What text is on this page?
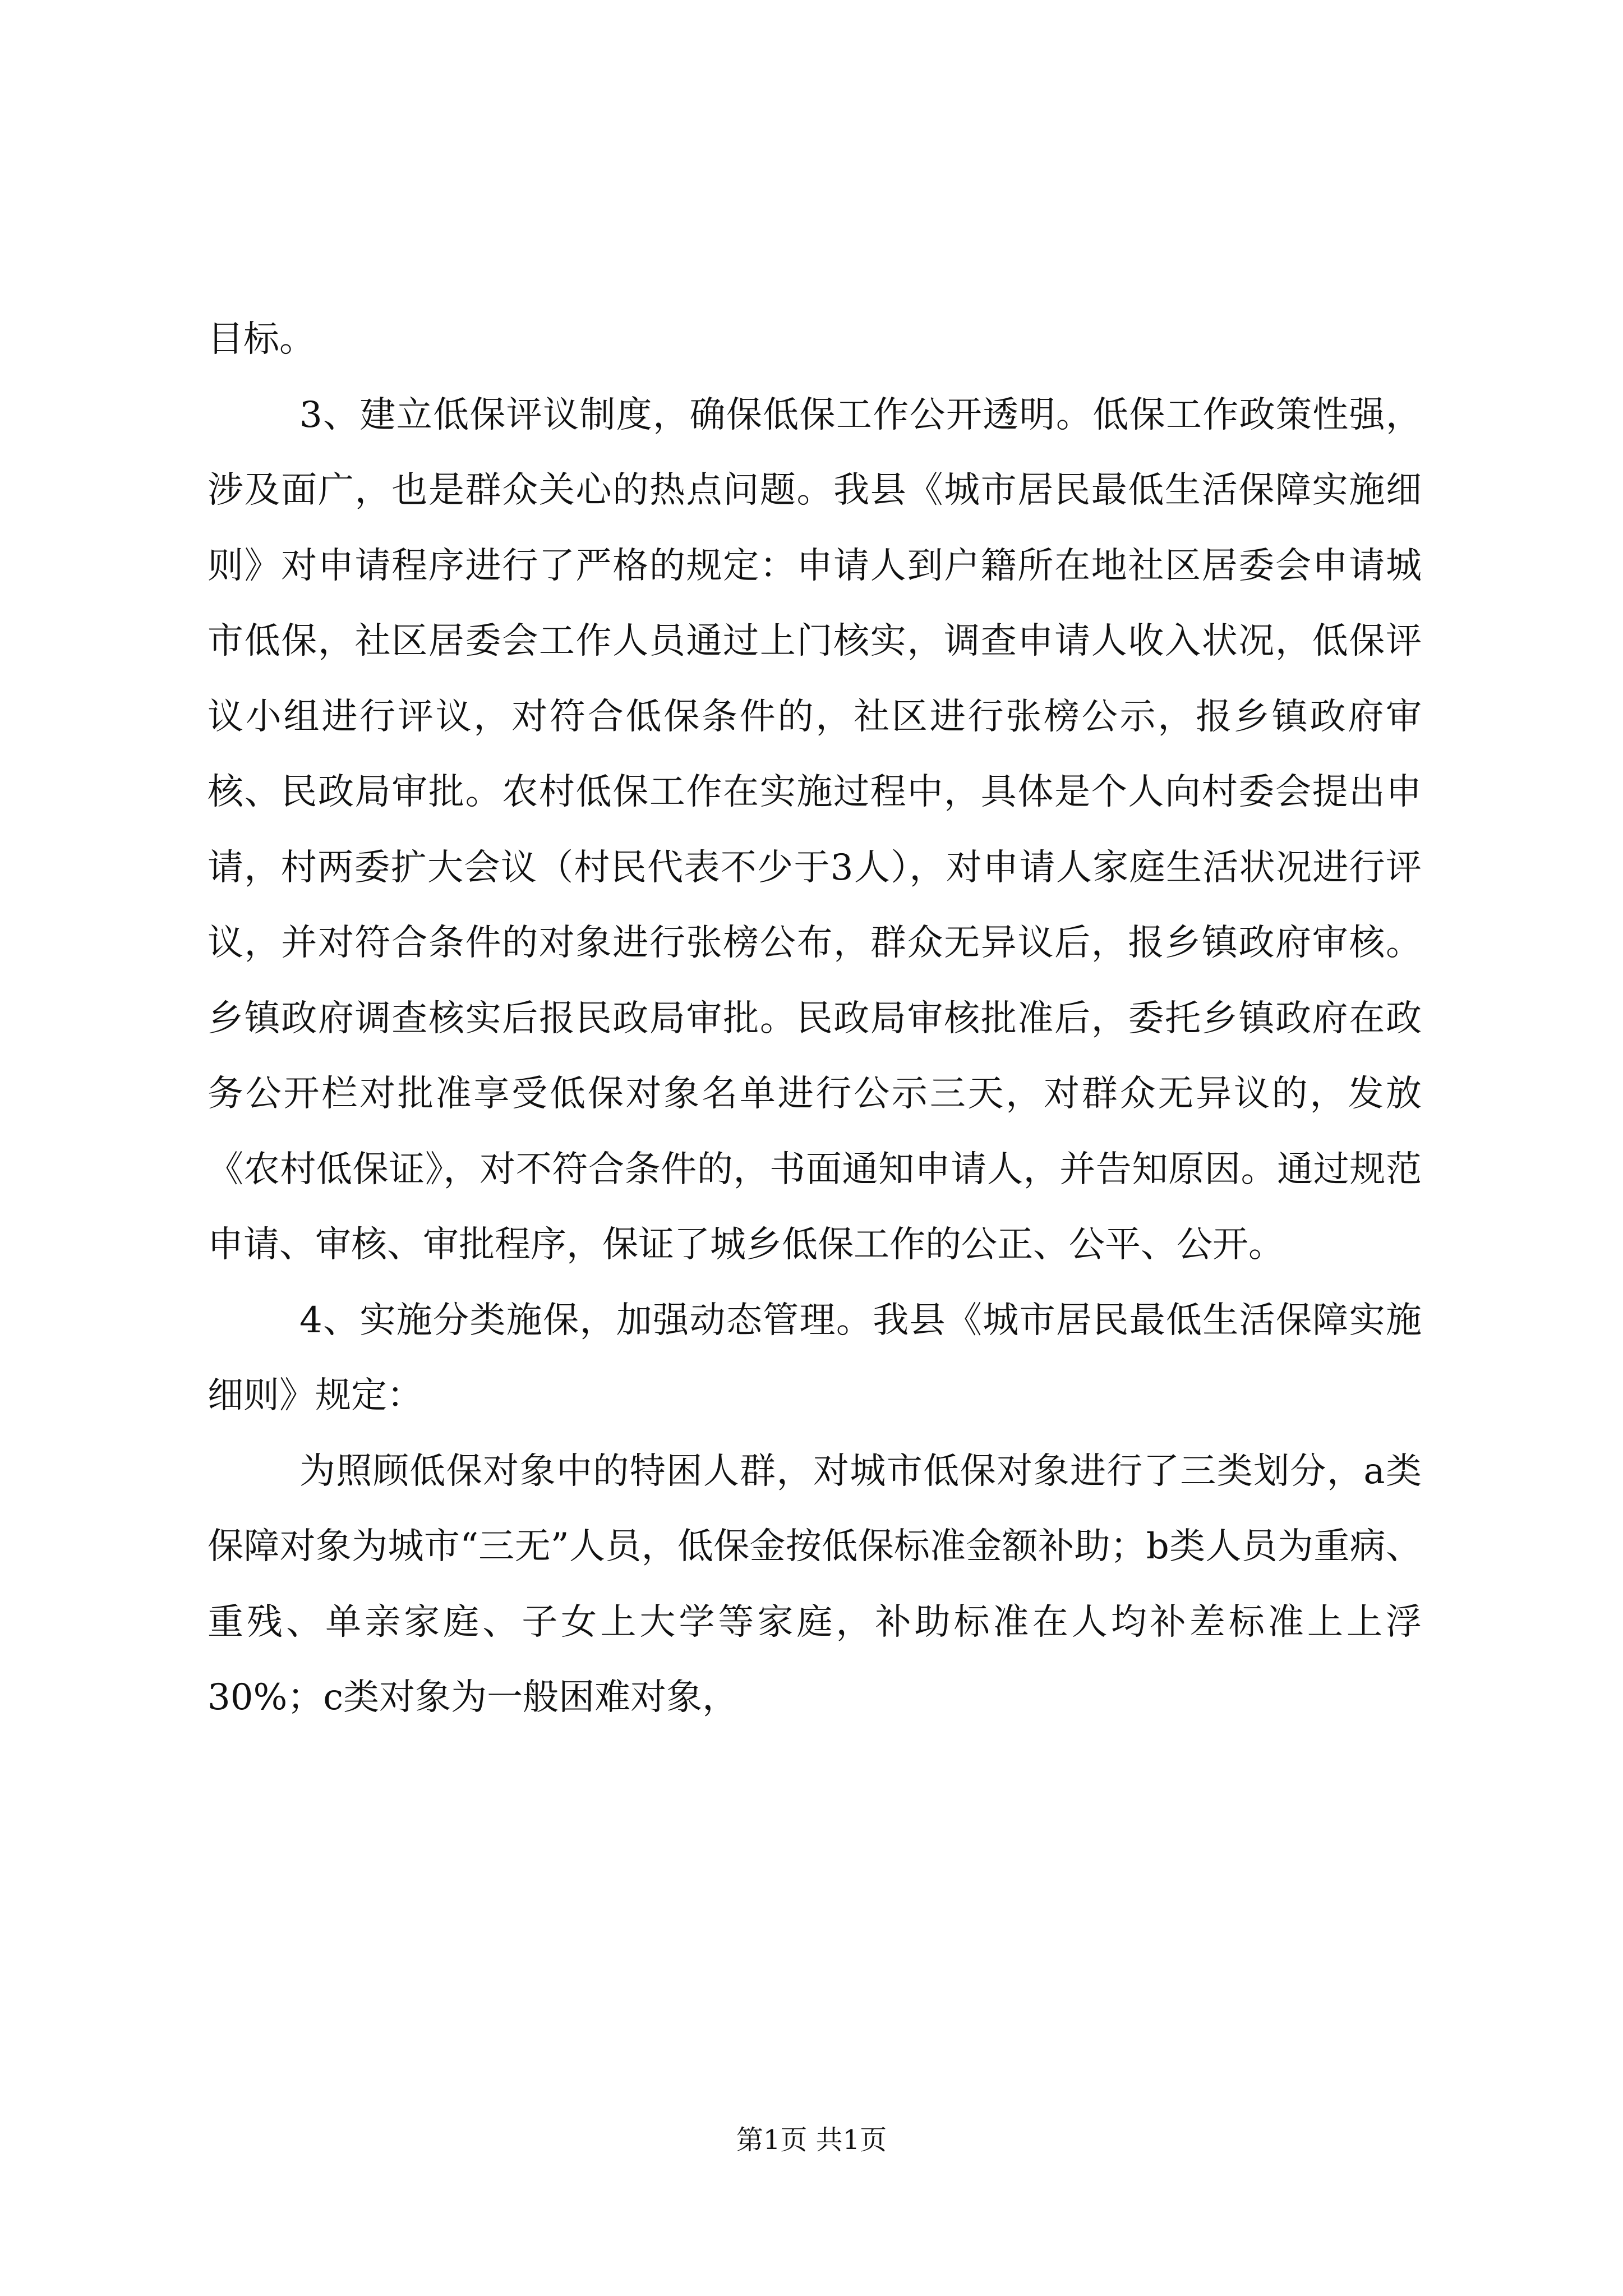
目标。

3、建立低保评议制度，确保低保工作公开透明。低保工作政策性强，涉及面广，也是群众关心的热点问题。我县《城市居民最低生活保障实施细则》对申请程序进行了严格的规定：申请人到户籍所在地社区居委会申请城市低保，社区居委会工作人员通过上门核实，调查申请人收入状况，低保评议小组进行评议，对符合低保条件的，社区进行张榜公示，报乡镇政府审核、民政局审批。农村低保工作在实施过程中，具体是个人向村委会提出申请，村两委扩大会议（村民代表不少于3人），对申请人家庭生活状况进行评议，并对符合条件的对象进行张榜公布，群众无异议后，报乡镇政府审核。乡镇政府调查核实后报民政局审批。民政局审核批准后，委托乡镇政府在政务公开栏对批准享受低保对象名单进行公示三天，对群众无异议的，发放《农村低保证》，对不符合条件的，书面通知申请人，并告知原因。通过规范申请、审核、审批程序，保证了城乡低保工作的公正、公平、公开。

4、实施分类施保，加强动态管理。我县《城市居民最低生活保障实施细则》规定：

为照顾低保对象中的特困人群，对城市低保对象进行了三类划分，a类保障对象为城市“三无”人员，低保金按低保标准金额补助；b类人员为重病、重残、单亲家庭、子女上大学等家庭，补助标准在人均补差标准上上浮30%；c类对象为一般困难对象，

第1页 共1页
